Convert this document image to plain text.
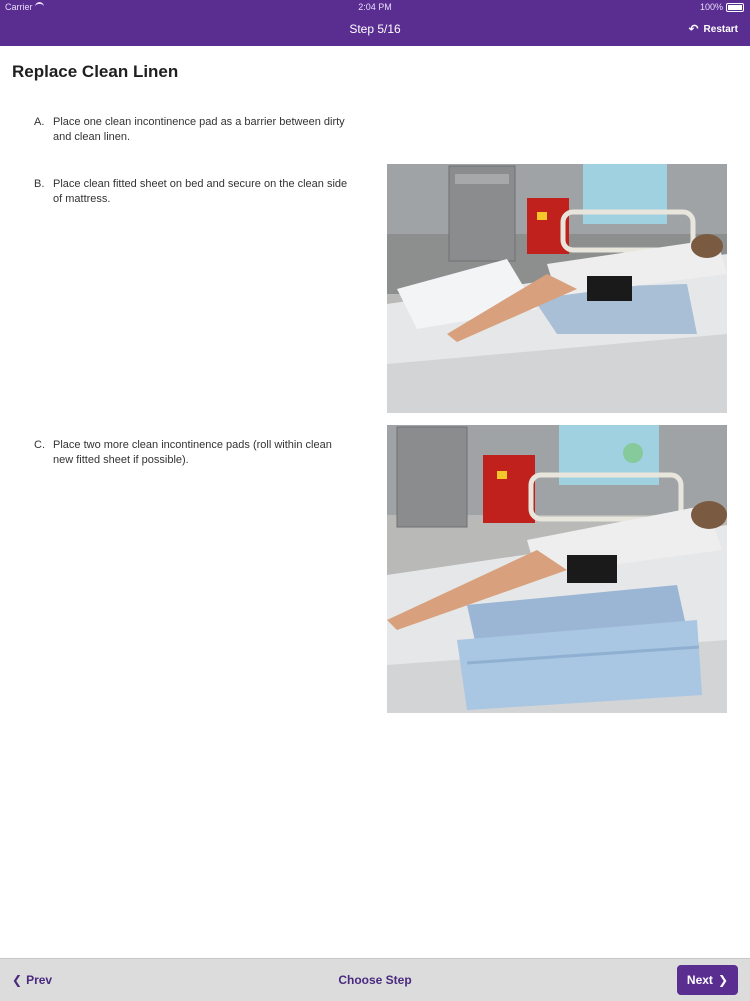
Carrier	2:04 PM	100%
Step 5/16	↶ Restart
Replace Clean Linen
A. Place one clean incontinence pad as a barrier between dirty and clean linen.
B. Place clean fitted sheet on bed and secure on the clean side of mattress.
C. Place two more clean incontinence pads (roll within clean new fitted sheet if possible).
❮ Prev	Choose Step	Next ❯
